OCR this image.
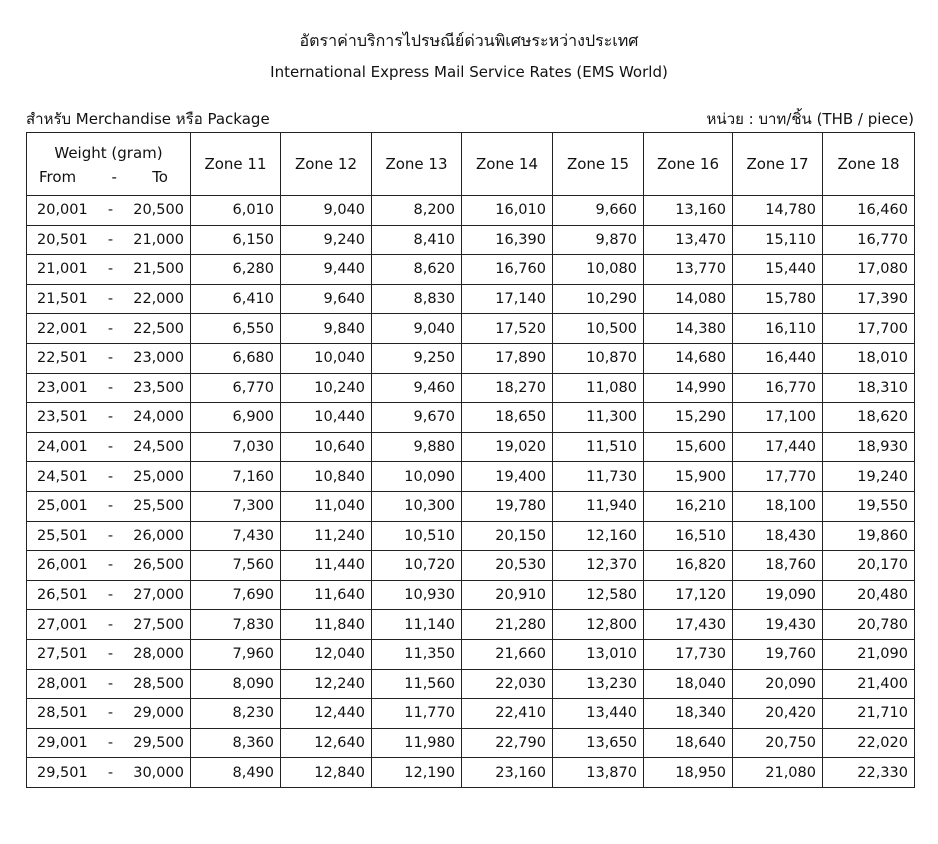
อัตราค่าบริการไปรษณีย์ด่วนพิเศษระหว่างประเทศ
International Express Mail Service Rates (EMS World)
สำหรับ Merchandise หรือ Package	หน่วย : บาท/ชิ้น (THB / piece)
Weight (gram)
From - To	Zone 11	Zone 12	Zone 13	Zone 14	Zone 15	Zone 16	Zone 17	Zone 18

20,001 - 20,500	6,010	9,040	8,200	16,010	9,660	13,160	14,780	16,460

20,501 - 21,000	6,150	9,240	8,410	16,390	9,870	13,470	15,110	16,770

21,001 - 21,500	6,280	9,440	8,620	16,760	10,080	13,770	15,440	17,080

21,501 - 22,000	6,410	9,640	8,830	17,140	10,290	14,080	15,780	17,390

22,001 - 22,500	6,550	9,840	9,040	17,520	10,500	14,380	16,110	17,700

22,501 - 23,000	6,680	10,040	9,250	17,890	10,870	14,680	16,440	18,010

23,001 - 23,500	6,770	10,240	9,460	18,270	11,080	14,990	16,770	18,310

23,501 - 24,000	6,900	10,440	9,670	18,650	11,300	15,290	17,100	18,620

24,001 - 24,500	7,030	10,640	9,880	19,020	11,510	15,600	17,440	18,930

24,501 - 25,000	7,160	10,840	10,090	19,400	11,730	15,900	17,770	19,240

25,001 - 25,500	7,300	11,040	10,300	19,780	11,940	16,210	18,100	19,550

25,501 - 26,000	7,430	11,240	10,510	20,150	12,160	16,510	18,430	19,860

26,001 - 26,500	7,560	11,440	10,720	20,530	12,370	16,820	18,760	20,170

26,501 - 27,000	7,690	11,640	10,930	20,910	12,580	17,120	19,090	20,480

27,001 - 27,500	7,830	11,840	11,140	21,280	12,800	17,430	19,430	20,780

27,501 - 28,000	7,960	12,040	11,350	21,660	13,010	17,730	19,760	21,090

28,001 - 28,500	8,090	12,240	11,560	22,030	13,230	18,040	20,090	21,400

28,501 - 29,000	8,230	12,440	11,770	22,410	13,440	18,340	20,420	21,710

29,001 - 29,500	8,360	12,640	11,980	22,790	13,650	18,640	20,750	22,020

29,501 - 30,000	8,490	12,840	12,190	23,160	13,870	18,950	21,080	22,330
